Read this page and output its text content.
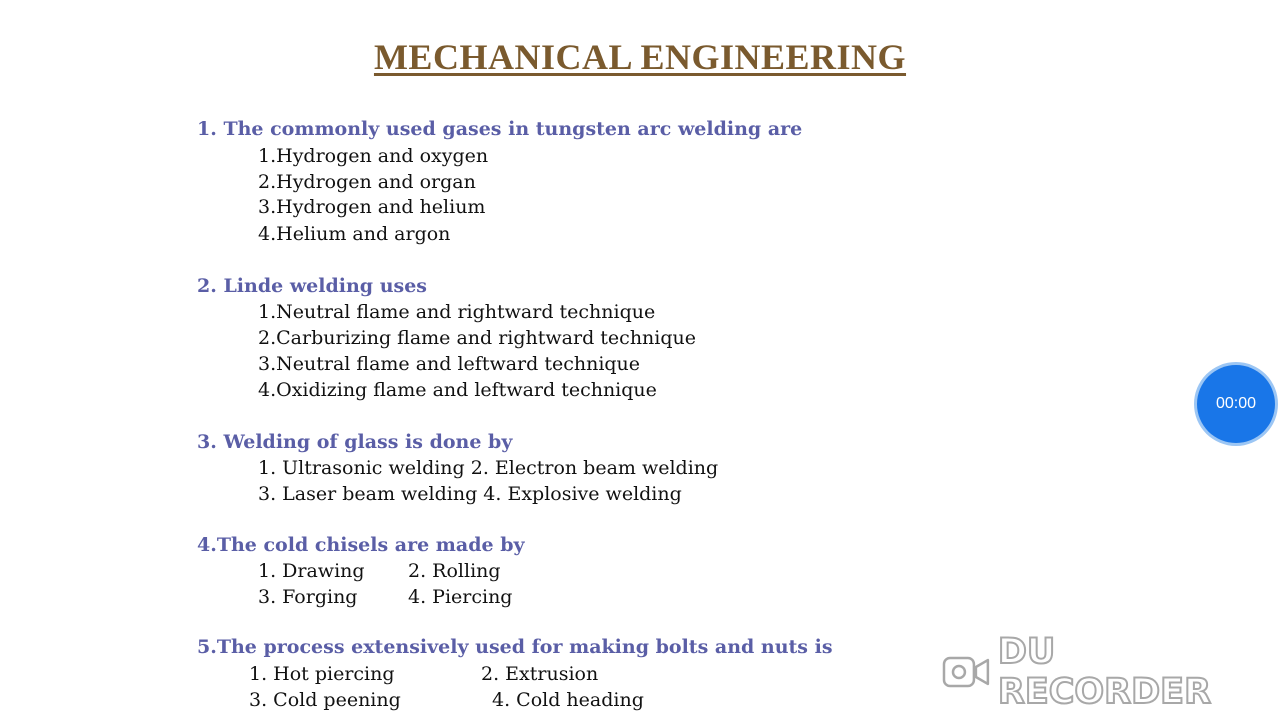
MECHANICAL ENGINEERING
1. The commonly used gases in tungsten arc welding are
1.Hydrogen and oxygen
2.Hydrogen and organ
3.Hydrogen and helium
4.Helium and argon
2. Linde welding uses
1.Neutral flame and rightward technique
2.Carburizing flame and rightward technique
3.Neutral flame and leftward technique
4.Oxidizing flame and leftward technique
3. Welding of glass is done by
1. Ultrasonic welding 2. Electron beam welding
3. Laser beam welding 4. Explosive welding
4.The cold chisels are made by
1. Drawing 2. Rolling
3. Forging	4. Piercing
5.The process extensively used for making bolts and nuts is
1. Hot piercing	2. Extrusion
3. Cold peening	4. Cold heading
00:00
DU RECORDER
